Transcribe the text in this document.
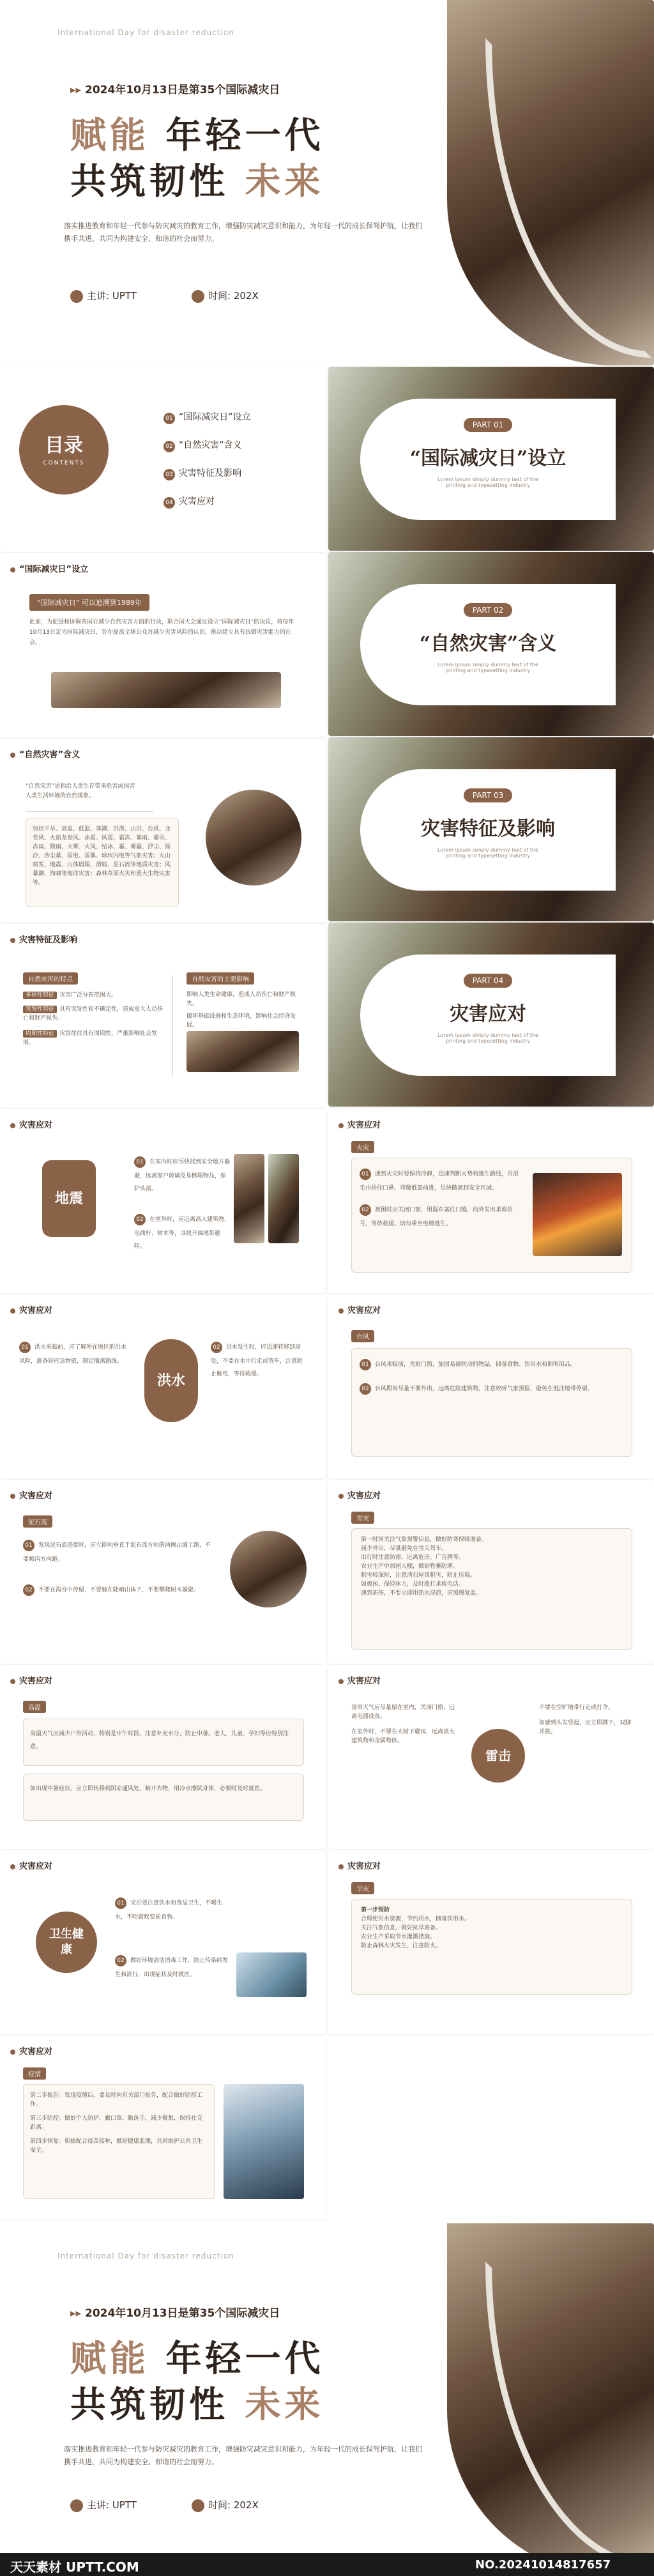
International Day for disaster reduction
▸▸ 2024年10月13日是第35个国际减灾日
赋能 年轻一代
共筑韧性 未来
落实推进教育和年轻一代参与防灾减灾的教育工作，增强防灾减灾意识和能力，为年轻一代的成长保驾护航，让我们携手共进，共同为构建安全、和谐的社会而努力。
主讲: UPTT	时间: 202X
目录
CONTENTS
01 “国际减灾日”设立
02 “自然灾害”含义
03 灾害特征及影响
04 灾害应对
PART 01
“国际减灾日”设立
Lorem ipsum simply dummy text of the printing and typesetting industry
PART 02
“自然灾害”含义
Lorem ipsum simply dummy text of the printing and typesetting industry
PART 03
灾害特征及影响
Lorem ipsum simply dummy text of the printing and typesetting industry
PART 04
灾害应对
Lorem ipsum simply dummy text of the printing and typesetting industry
“国际减灾日”设立
“国际减灾日” 可以追溯到1989年
此前，为促进和协调各国在减少自然灾害方面的行动，联合国大会通过设立“国际减灾日”的决议，将每年10月13日定为国际减灾日，旨在提高全球公众对减少灾害风险的认识，推动建立具有抗御灾害能力的社会。
“自然灾害”含义
“自然灾害”是指给人类生存带来危害或损害人类生活环境的自然现象。
包括干旱、高温、低温、寒潮、洪涝、山洪、台风、龙卷风、火焰龙卷风、冰雹、风雹、霜冻、暴雨、暴雪、冻雨、酸雨、大雾、大风、结冰、霾、雾霾、浮尘、扬沙、沙尘暴、雷电、雷暴、球状闪电等气象灾害；火山喷发、地震、山体崩塌、滑坡、泥石流等地质灾害；风暴潮、海啸等海洋灾害；森林草原火灾和重大生物灾害等。
灾害特征及影响
自然灾害的特点
多样性特征 灾害广泛分布范围大。
突发性特征 具有突发性和不确定性，造成重大人员伤亡和财产损失。
周期性特征 灾害往往具有周期性，严重影响社会发展。
自然灾害的主要影响
影响人类生命健康，造成人员伤亡和财产损失。
破坏基础设施和生态环境，影响社会经济发展。
灾害应对
地震
01 在室内时应尽快找到安全地方躲避，远离窗户玻璃及易倒塌物品，保护头部。
02 在室外时，应远离高大建筑物、电线杆、树木等，寻找开阔地带避险。
灾害应对
火灾
01 遇到火灾时要保持冷静，迅速判断火势和逃生路线，用湿毛巾捂住口鼻，弯腰低姿前进，尽快撤离到安全区域。
02 被困时应关闭门窗，用湿布塞住门缝，向外发出求救信号，等待救援。切勿乘坐电梯逃生。
灾害应对
01 洪水来临前，应了解所在地区的洪水风险，准备好应急物资，制定撤离路线。
洪水
02 洪水发生时，应迅速转移到高处，不要在水中行走或驾车，注意防止触电，等待救援。
灾害应对
台风
01 台风来临前，关好门窗，加固易被吹动的物品，储备食物、饮用水和照明用品。
02 台风期间尽量不要外出，远离危险建筑物，注意收听气象预报，避免在低洼地带停留。
灾害应对
泥石流
01 发现泥石流迹象时，应立即向垂直于泥石流方向的两侧山坡上跑，不要顺沟方向跑。
02 不要在沟谷中停留，不要躲在陡峭山体下，不要攀爬树木躲避。
灾害应对
雪灾
第一时间关注气象预警信息，做好防寒保暖准备。
减少外出，尽量避免在雪天驾车。
出行时注意防滑，远离危房、广告牌等。
农业生产中加固大棚，做好牲畜防寒。
积雪较深时，注意清扫屋顶积雪，防止压塌。
如被困，保持体力，及时拨打求救电话。
遇到冻伤，不要立即用热水浸泡，应缓慢复温。
灾害应对
高温
高温天气应减少户外活动，特别是中午时段，注意补充水分，防止中暑。老人、儿童、孕妇等应特别注意。
如出现中暑症状，应立即转移到阴凉通风处，解开衣物，用冷水擦拭身体，必要时及时就医。
灾害应对
雷雨天气应尽量留在室内，关闭门窗，远离电器设备。
在室外时，不要在大树下避雨，远离高大建筑物和金属物体。
雷击
不要在空旷地带行走或打伞。
如感到头发竖起，应立即蹲下，双脚并拢。
灾害应对
卫生健康
01 灾后要注意饮水和食品卫生，不喝生水，不吃腐败变质食物。
02 做好环境清洁消毒工作，防止传染病发生和流行，出现症状及时就医。
灾害应对
旱灾
第一步预防
合理使用水资源，节约用水，储备饮用水。
关注气象信息，做好抗旱准备。
农业生产采取节水灌溉措施。
防止森林火灾发生，注意防火。
灾害应对
疫情
第二步报告：发现疫情后，要及时向有关部门报告，配合做好防控工作。
第三步防控：做好个人防护，戴口罩、勤洗手，减少聚集，保持社交距离。
第四步恢复：积极配合疫苗接种，做好健康监测，共同维护公共卫生安全。
International Day for disaster reduction
▸▸ 2024年10月13日是第35个国际减灾日
赋能 年轻一代
共筑韧性 未来
落实推进教育和年轻一代参与防灾减灾的教育工作，增强防灾减灾意识和能力，为年轻一代的成长保驾护航，让我们携手共进，共同为构建安全、和谐的社会而努力。
主讲: UPTT	时间: 202X
天天素材 UPTT.COM	NO.20241014817657
